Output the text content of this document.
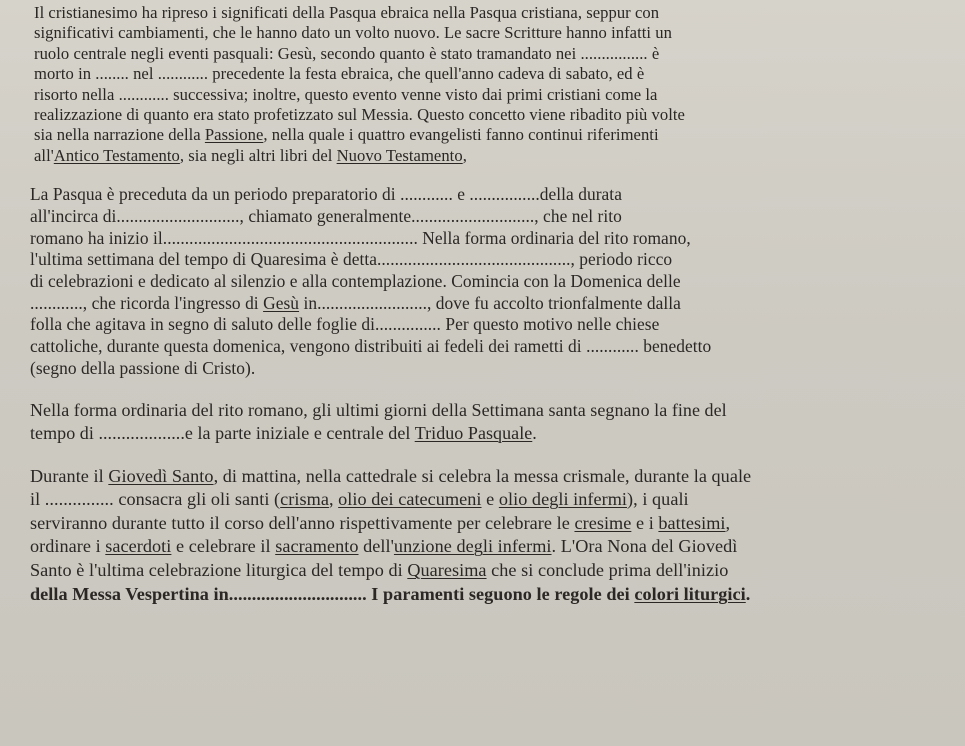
Il cristianesimo ha ripreso i significati della Pasqua ebraica nella Pasqua cristiana, seppur con
significativi cambiamenti, che le hanno dato un volto nuovo. Le sacre Scritture hanno infatti un
ruolo centrale negli eventi pasquali: Gesù, secondo quanto è stato tramandato nei ................ è
morto in ........ nel ............ precedente la festa ebraica, che quell'anno cadeva di sabato, ed è
risorto nella ............ successiva; inoltre, questo evento venne visto dai primi cristiani come la
realizzazione di quanto era stato profetizzato sul Messia. Questo concetto viene ribadito più volte
sia nella narrazione della Passione, nella quale i quattro evangelisti fanno continui riferimenti
all'Antico Testamento, sia negli altri libri del Nuovo Testamento,
La Pasqua è preceduta da un periodo preparatorio di ............ e ................della durata
all'incirca di............................, chiamato generalmente............................, che nel rito
romano ha inizio il.......................................................... Nella forma ordinaria del rito romano,
l'ultima settimana del tempo di Quaresima è detta............................................, periodo ricco
di celebrazioni e dedicato al silenzio e alla contemplazione. Comincia con la Domenica delle
............, che ricorda l'ingresso di Gesù in........................., dove fu accolto trionfalmente dalla
folla che agitava in segno di saluto delle foglie di............... Per questo motivo nelle chiese
cattoliche, durante questa domenica, vengono distribuiti ai fedeli dei rametti di ............ benedetto
(segno della passione di Cristo).
Nella forma ordinaria del rito romano, gli ultimi giorni della Settimana santa segnano la fine del
tempo di ...................e la parte iniziale e centrale del Triduo Pasquale.
Durante il Giovedì Santo, di mattina, nella cattedrale si celebra la messa crismale, durante la quale
il ............... consacra gli oli santi (crisma, olio dei catecumeni e olio degli infermi), i quali
serviranno durante tutto il corso dell'anno rispettivamente per celebrare le cresime e i battesimi,
ordinare i sacerdoti e celebrare il sacramento dell'unzione degli infermi. L'Ora Nona del Giovedì
Santo è l'ultima celebrazione liturgica del tempo di Quaresima che si conclude prima dell'inizio
della Messa Vespertina in.............................. I paramenti seguono le regole dei colori liturgici.
